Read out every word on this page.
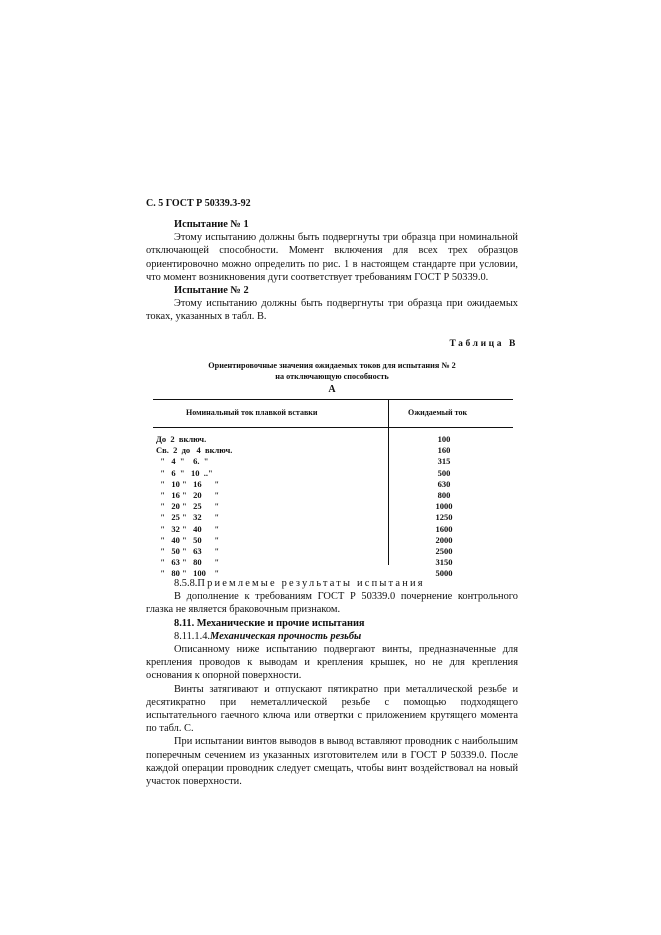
С. 5 ГОСТ Р 50339.3-92

Испытание № 1

Этому испытанию должны быть подвергнуты три образца при номинальной отключающей способности. Момент включения для всех трех образцов ориентировочно можно определить по рис. 1 в настоящем стандарте при условии, что момент возникновения дуги соответствует требованиям ГОСТ Р 50339.0.

Испытание № 2

Этому испытанию должны быть подвергнуты три образца при ожидаемых токах, указанных в табл. В.

Таблица В
Ориентировочные значения ожидаемых токов для испытания № 2
на отключающую способность
А
Номинальный ток плавкой вставки	Ожидаемый ток
До  2  включ.
Св.  2  до   4  включ.
"   4  "    6.  "
"   6  "   10  .."
"   10 "   16      "
"   16 "   20      "
"   20 "   25      "
"   25 "   32      "
"   32 "   40      "
"   40 "   50      "
"   50 "   63      "
"   63 "   80      "
"   80 "   100    "
100
160
315
500
630
800
1000
1250
1600
2000
2500
3150
5000

8.5.8.Приемлемые результаты испытания

В дополнение к требованиям ГОСТ Р 50339.0 почернение контрольного глазка не является браковочным признаком.

8.11. Механические и прочие испытания

8.11.1.4.Механическая прочность резьбы

Описанному ниже испытанию подвергают винты, предназначенные для крепления проводов к выводам и крепления крышек, но не для крепления основания к опорной поверхности.

Винты затягивают и отпускают пятикратно при металлической резьбе и десятикратно при неметаллической резьбе с помощью подходящего испытательного гаечного ключа или отвертки с приложением крутящего момента по табл. С.

При испытании винтов выводов в вывод вставляют проводник с наибольшим поперечным сечением из указанных изготовителем или в ГОСТ Р 50339.0. После каждой операции проводник следует смещать, чтобы винт воздействовал на новый участок поверхности.
